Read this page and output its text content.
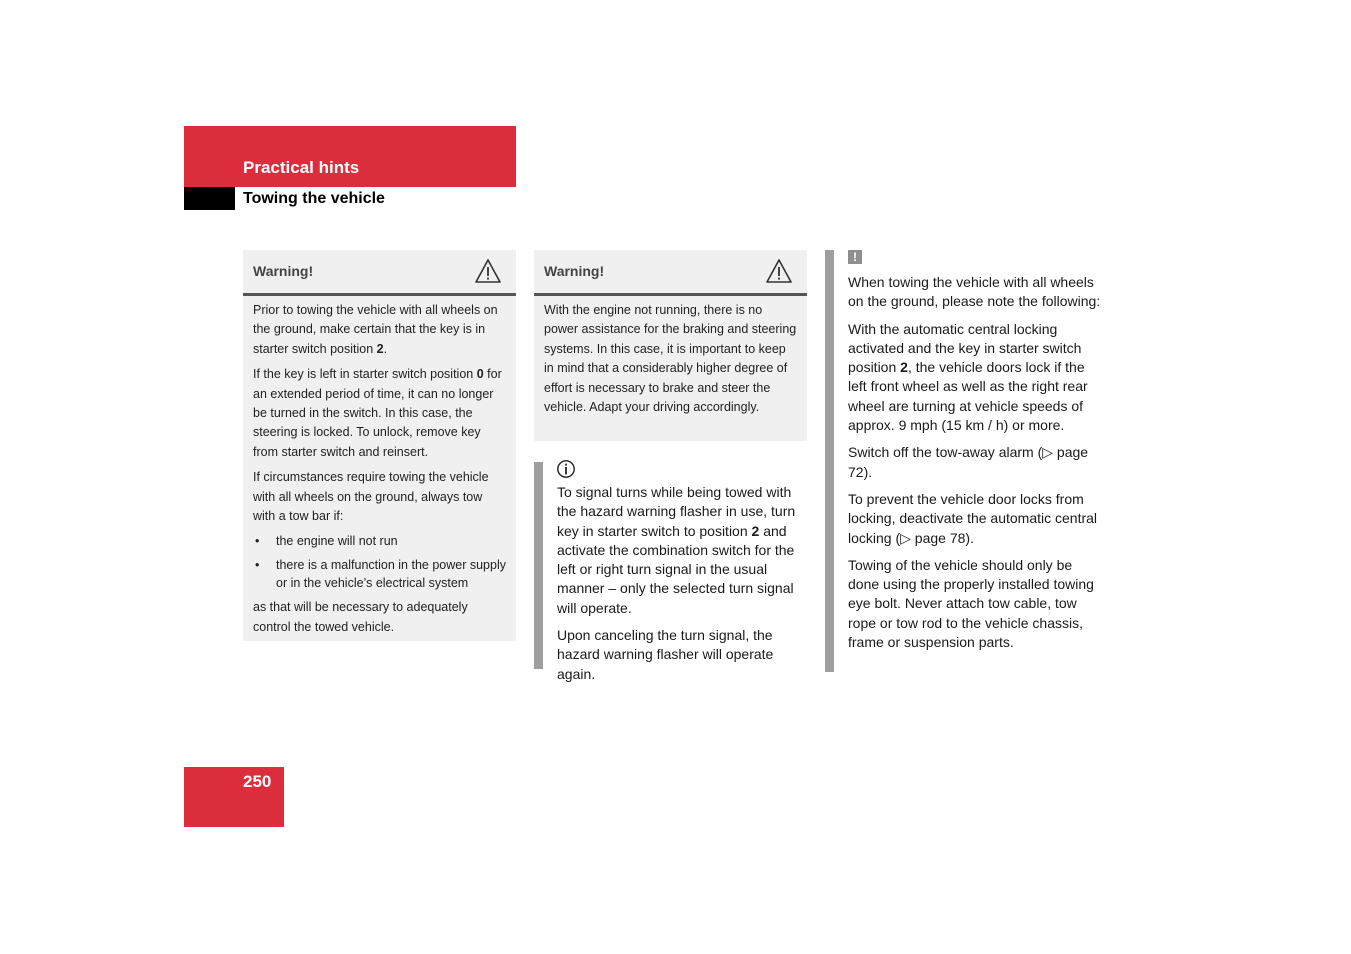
Practical hints
Towing the vehicle
Warning!

Prior to towing the vehicle with all wheels on the ground, make certain that the key is in starter switch position 2.

If the key is left in starter switch position 0 for an extended period of time, it can no longer be turned in the switch. In this case, the steering is locked. To unlock, remove key from starter switch and reinsert.

If circumstances require towing the vehicle with all wheels on the ground, always tow with a tow bar if:

• the engine will not run
• there is a malfunction in the power supply or in the vehicle’s electrical system

as that will be necessary to adequately control the towed vehicle.

Warning!

With the engine not running, there is no power assistance for the braking and steering systems. In this case, it is important to keep in mind that a considerably higher degree of effort is necessary to brake and steer the vehicle. Adapt your driving accordingly.

To signal turns while being towed with the hazard warning flasher in use, turn key in starter switch to position 2 and activate the combination switch for the left or right turn signal in the usual manner – only the selected turn signal will operate.

Upon canceling the turn signal, the hazard warning flasher will operate again.

!

When towing the vehicle with all wheels on the ground, please note the following:

With the automatic central locking activated and the key in starter switch position 2, the vehicle doors lock if the left front wheel as well as the right rear wheel are turning at vehicle speeds of approx. 9 mph (15 km / h) or more.

Switch off the tow-away alarm (▷ page 72).

To prevent the vehicle door locks from locking, deactivate the automatic central locking (▷ page 78).

Towing of the vehicle should only be done using the properly installed towing eye bolt. Never attach tow cable, tow rope or tow rod to the vehicle chassis, frame or suspension parts.

250
